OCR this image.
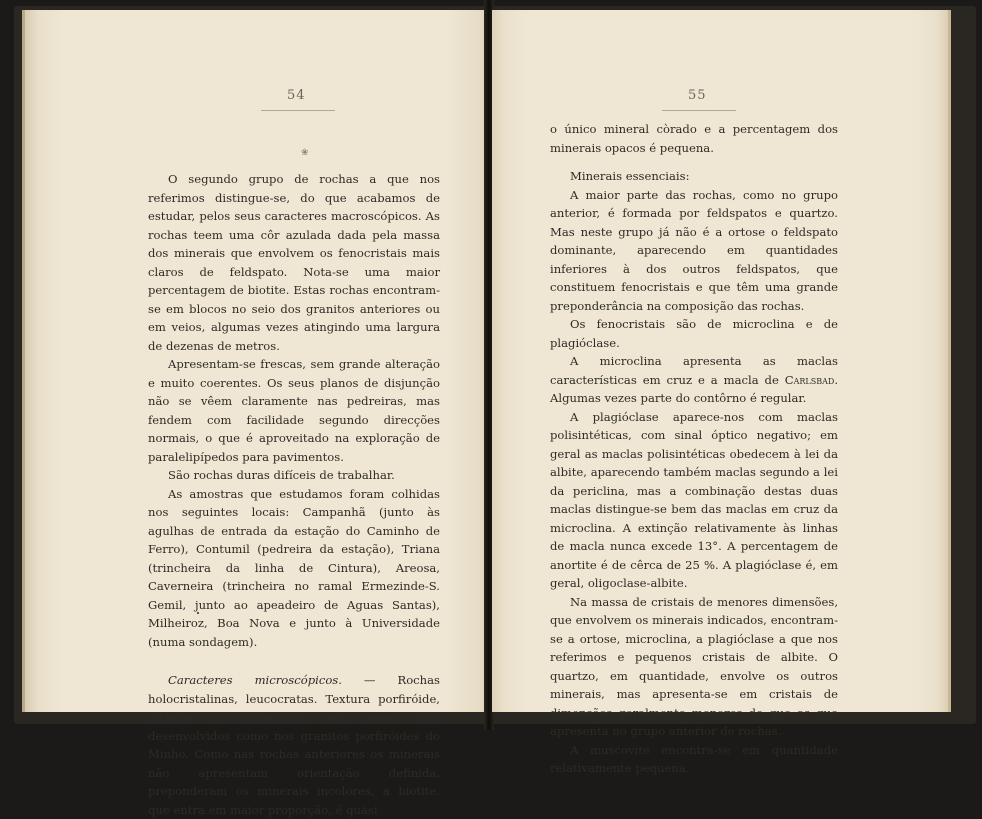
54
❀

O segundo grupo de rochas a que nos referimos distingue-se, do que acabamos de estudar, pelos seus caracteres macroscópicos. As rochas teem uma côr azulada dada pela massa dos minerais que envolvem os fenocristais mais claros de feldspato. Nota-se uma maior percentagem de biotite. Estas rochas encontram-se em blocos no seio dos granitos anteriores ou em veios, algumas vezes atingindo uma largura de dezenas de metros.

Apresentam-se frescas, sem grande alteração e muito coerentes. Os seus planos de disjunção não se vêem claramente nas pedreiras, mas fendem com facilidade segundo direcções normais, o que é aproveitado na exploração de paralelipípedos para pavimentos.

São rochas duras difíceis de trabalhar.

As amostras que estudamos foram colhidas nos seguintes locais: Campanhã (junto às agulhas de entrada da estação do Caminho de Ferro), Contumil (pedreira da estação), Triana (trincheira da linha de Cintura), Areosa, Caverneira (trincheira no ramal Ermezinde-S. Gemil, junto ao apeadeiro de Aguas Santas), Milheiroz, Boa Nova e junto à Universidade (numa sondagem).

Caracteres microscópicos. — Rochas holocristalinas, leucocratas. Textura porfiróide, embora os fenocristais não sejam tam desenvolvidos como nos granitos porfiróides do Minho. Como nas rochas anteriores os minerais não apresentam orientação definida, preponderam os minerais incolores, a biotite, que entra em maior proporção, é quási

55

o único mineral còrado e a percentagem dos minerais opacos é pequena.

Minerais essenciais:

A maior parte das rochas, como no grupo anterior, é formada por feldspatos e quartzo. Mas neste grupo já não é a ortose o feldspato dominante, aparecendo em quantidades inferiores à dos outros feldspatos, que constituem fenocristais e que têm uma grande preponderância na composição das rochas.

Os fenocristais são de microclina e de plagióclase.

A microclina apresenta as maclas características em cruz e a macla de Carlsbad. Algumas vezes parte do contôrno é regular.

A plagióclase aparece-nos com maclas polisintéticas, com sinal óptico negativo; em geral as maclas polisintéticas obedecem à lei da albite, aparecendo também maclas segundo a lei da periclina, mas a combinação destas duas maclas distingue-se bem das maclas em cruz da microclina. A extinção relativamente às linhas de macla nunca excede 13°. A percentagem de anortite é de cêrca de 25 %. A plagióclase é, em geral, oligoclase-albite.

Na massa de cristais de menores dimensões, que envolvem os minerais indicados, encontram-se a ortose, microclina, a plagióclase a que nos referimos e pequenos cristais de albite. O quartzo, em quantidade, envolve os outros minerais, mas apresenta-se em cristais de dimensões geralmente menores do que as que apresenta no grupo anterior de rochas.

A muscovite encontra-se em quantidade relativamente pequena.
